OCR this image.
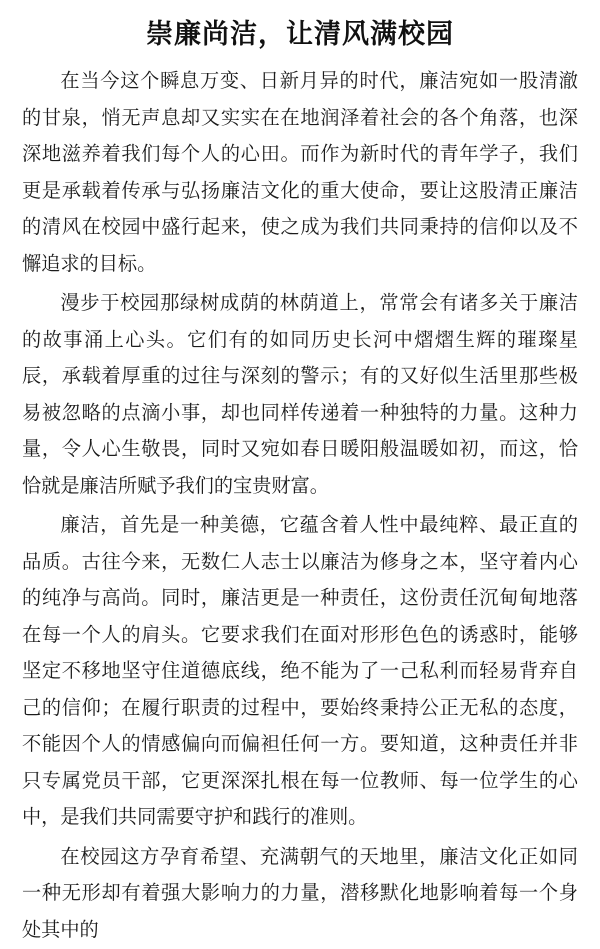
崇廉尚洁，让清风满校园

在当今这个瞬息万变、日新月异的时代，廉洁宛如一股清澈的甘泉，悄无声息却又实实在在地润泽着社会的各个角落，也深深地滋养着我们每个人的心田。而作为新时代的青年学子，我们更是承载着传承与弘扬廉洁文化的重大使命，要让这股清正廉洁的清风在校园中盛行起来，使之成为我们共同秉持的信仰以及不懈追求的目标。

漫步于校园那绿树成荫的林荫道上，常常会有诸多关于廉洁的故事涌上心头。它们有的如同历史长河中熠熠生辉的璀璨星辰，承载着厚重的过往与深刻的警示；有的又好似生活里那些极易被忽略的点滴小事，却也同样传递着一种独特的力量。这种力量，令人心生敬畏，同时又宛如春日暖阳般温暖如初，而这，恰恰就是廉洁所赋予我们的宝贵财富。

廉洁，首先是一种美德，它蕴含着人性中最纯粹、最正直的品质。古往今来，无数仁人志士以廉洁为修身之本，坚守着内心的纯净与高尚。同时，廉洁更是一种责任，这份责任沉甸甸地落在每一个人的肩头。它要求我们在面对形形色色的诱惑时，能够坚定不移地坚守住道德底线，绝不能为了一己私利而轻易背弃自己的信仰；在履行职责的过程中，要始终秉持公正无私的态度，不能因个人的情感偏向而偏袒任何一方。要知道，这种责任并非只专属党员干部，它更深深扎根在每一位教师、每一位学生的心中，是我们共同需要守护和践行的准则。

在校园这方孕育希望、充满朝气的天地里，廉洁文化正如同一种无形却有着强大影响力的力量，潜移默化地影响着每一个身处其中的
